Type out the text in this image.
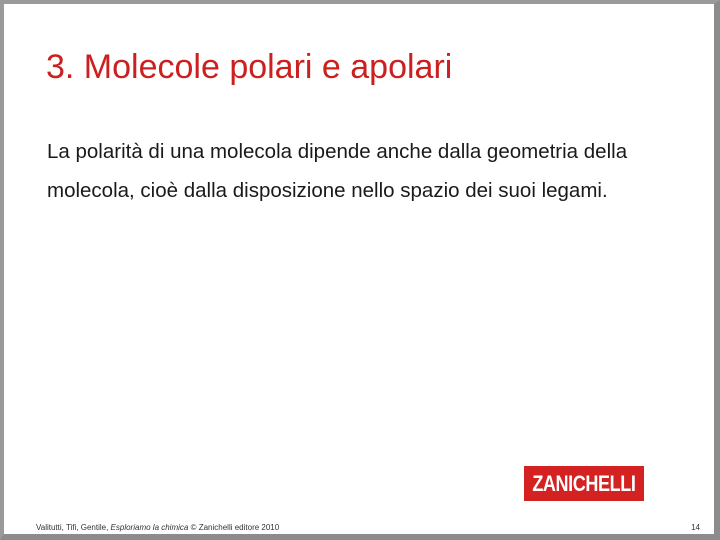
3. Molecole polari e apolari

La polarità di una molecola dipende anche dalla geometria della molecola, cioè dalla disposizione nello spazio dei suoi legami.

ZANICHELLI
Valitutti, Tifi, Gentile, Esploriamo la chimica © Zanichelli editore 2010	14
